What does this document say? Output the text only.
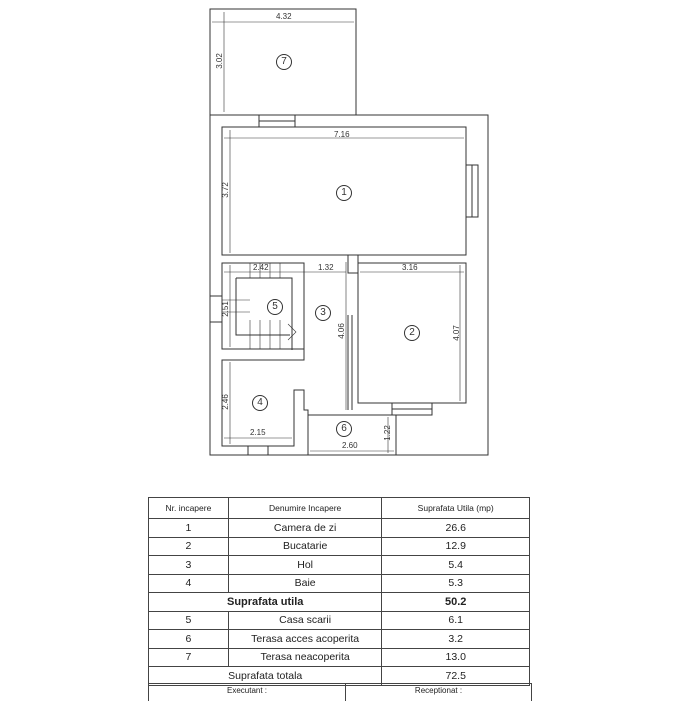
4.32
3.02
7.16
3.72
2.42	1.32	3.16
2.51
4.06	4.07
2.46
2.15
2.60
1.22
7
1
5
3
2
4
6
Nr. incapere	Denumire Incapere	Suprafata Utila (mp)
1	Camera de zi	26.6
2	Bucatarie	12.9
3	Hol	5.4
4	Baie	5.3
Suprafata utila		50.2
5	Casa scarii	6.1
6	Terasa acces acoperita	3.2
7	Terasa neacoperita	13.0
Suprafata totala		72.5
Executant :	Receptionat :
